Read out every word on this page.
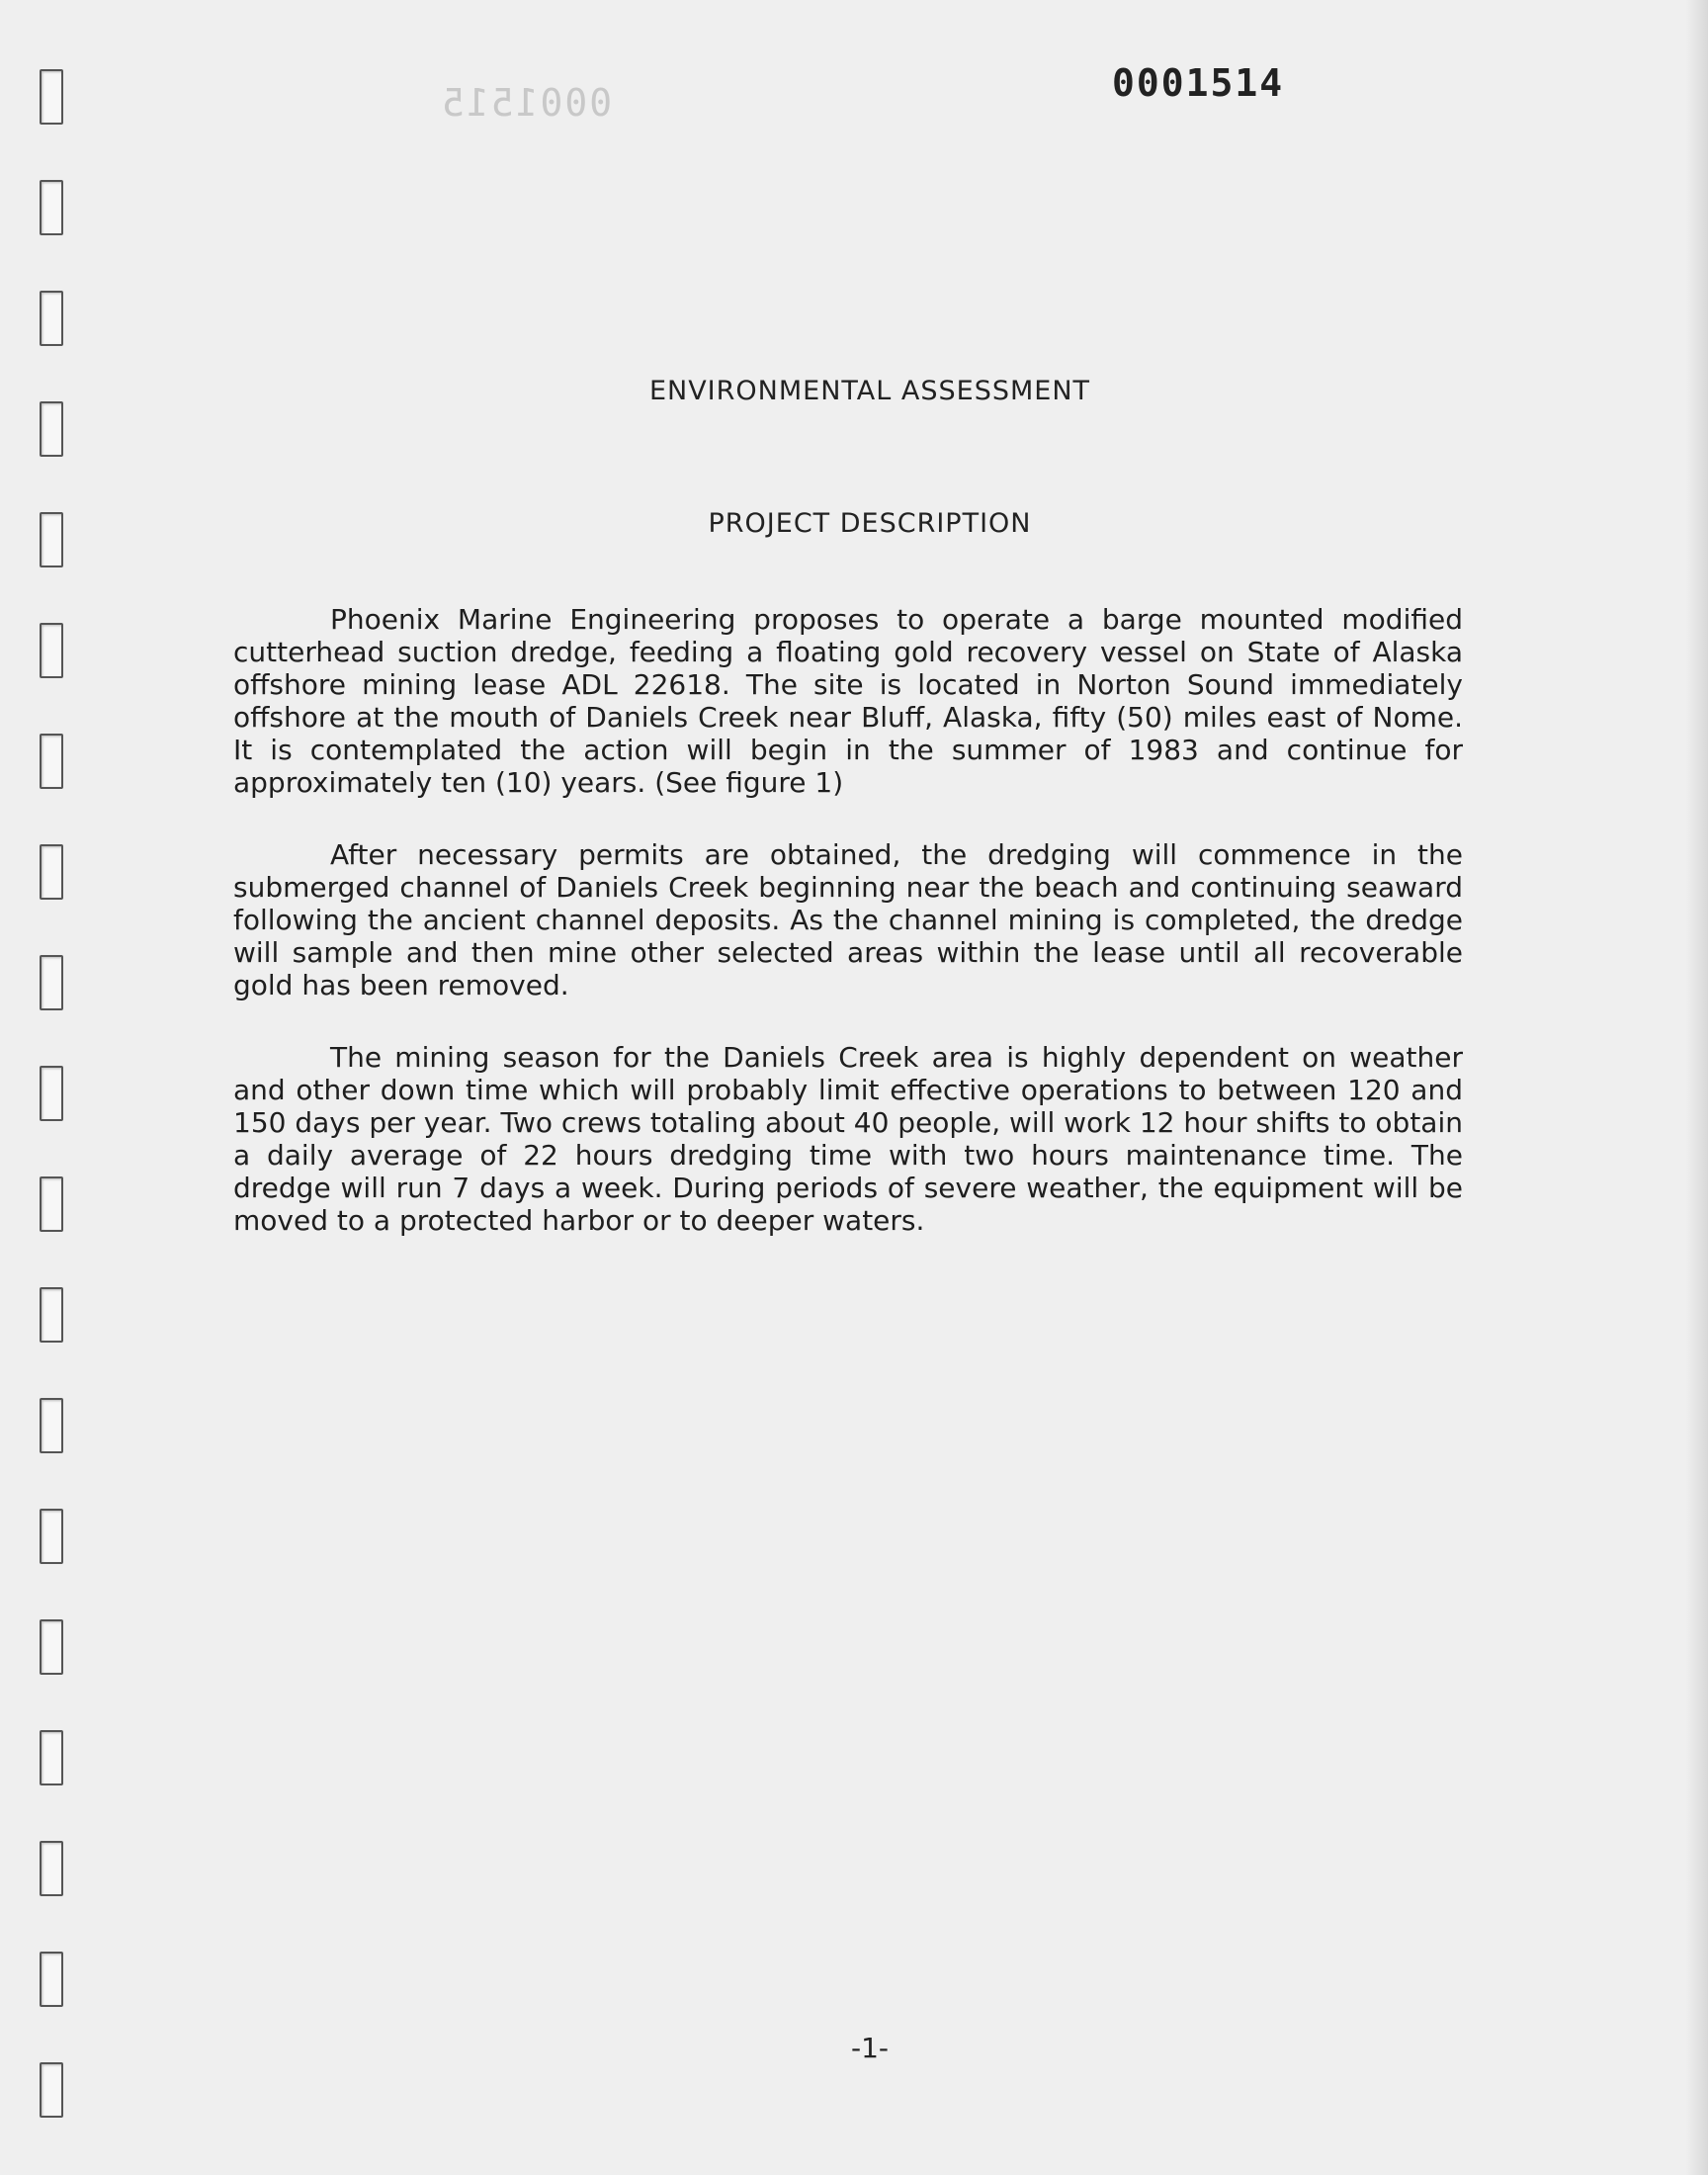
0001515	0001514
ENVIRONMENTAL ASSESSMENT
PROJECT DESCRIPTION

Phoenix Marine Engineering proposes to operate a barge mounted modified cutterhead suction dredge, feeding a floating gold recovery vessel on State of Alaska offshore mining lease ADL 22618. The site is located in Norton Sound immediately offshore at the mouth of Daniels Creek near Bluff, Alaska, fifty (50) miles east of Nome. It is contemplated the action will begin in the summer of 1983 and continue for approximately ten (10) years. (See figure 1)

After necessary permits are obtained, the dredging will commence in the submerged channel of Daniels Creek beginning near the beach and continuing seaward following the ancient channel deposits. As the channel mining is completed, the dredge will sample and then mine other selected areas within the lease until all recoverable gold has been removed.

The mining season for the Daniels Creek area is highly dependent on weather and other down time which will probably limit effective operations to between 120 and 150 days per year. Two crews totaling about 40 people, will work 12 hour shifts to obtain a daily average of 22 hours dredging time with two hours maintenance time. The dredge will run 7 days a week. During periods of severe weather, the equipment will be moved to a protected harbor or to deeper waters.

-1-
